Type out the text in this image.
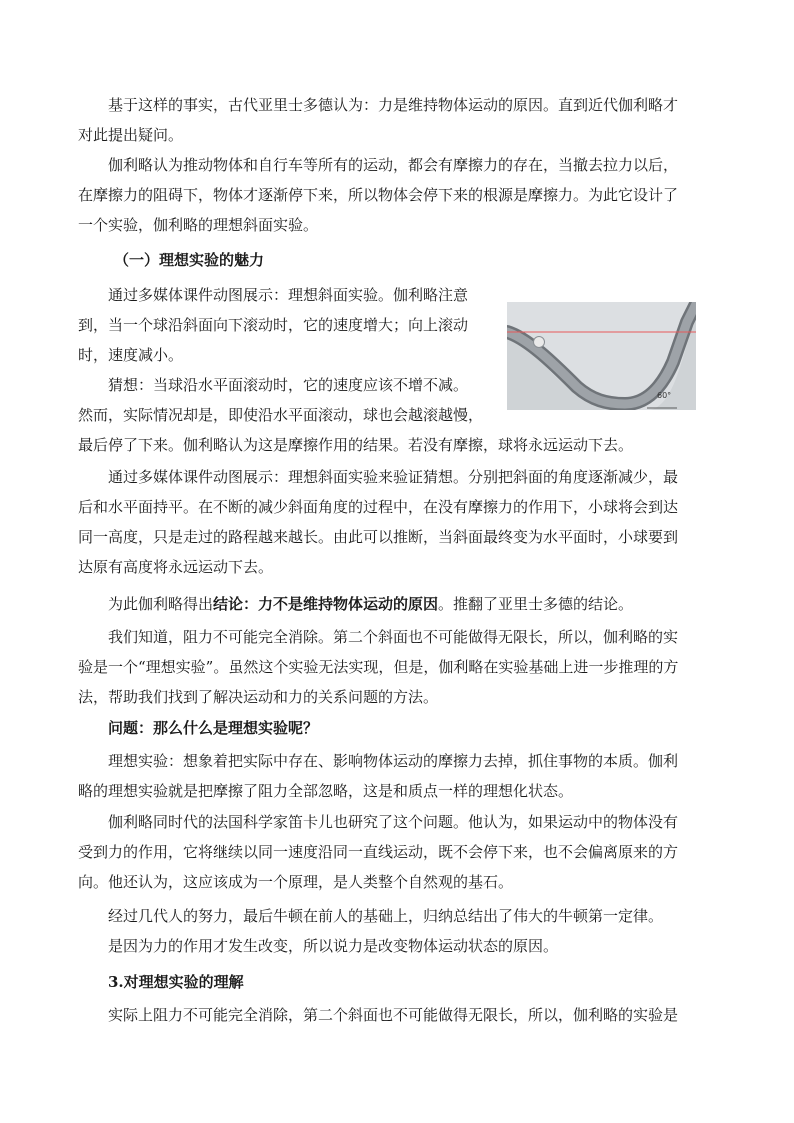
基于这样的事实，古代亚里士多德认为：力是维持物体运动的原因。直到近代伽利略才
对此提出疑问。

伽利略认为推动物体和自行车等所有的运动，都会有摩擦力的存在，当撤去拉力以后，
在摩擦力的阻碍下，物体才逐渐停下来，所以物体会停下来的根源是摩擦力。为此它设计了
一个实验，伽利略的理想斜面实验。

（一）理想实验的魅力

通过多媒体课件动图展示：理想斜面实验。伽利略注意
到，当一个球沿斜面向下滚动时，它的速度增大；向上滚动
时，速度减小。

猜想：当球沿水平面滚动时，它的速度应该不增不减。
然而，实际情况却是，即使沿水平面滚动，球也会越滚越慢，
最后停了下来。伽利略认为这是摩擦作用的结果。若没有摩擦，球将永远运动下去。

60°

通过多媒体课件动图展示：理想斜面实验来验证猜想。分别把斜面的角度逐渐减少，最
后和水平面持平。在不断的减少斜面角度的过程中，在没有摩擦力的作用下，小球将会到达
同一高度，只是走过的路程越来越长。由此可以推断，当斜面最终变为水平面时，小球要到
达原有高度将永远运动下去。

为此伽利略得出结论：力不是维持物体运动的原因。推翻了亚里士多德的结论。

我们知道，阻力不可能完全消除。第二个斜面也不可能做得无限长，所以，伽利略的实
验是一个“理想实验”。虽然这个实验无法实现，但是，伽利略在实验基础上进一步推理的方
法，帮助我们找到了解决运动和力的关系问题的方法。

问题：那么什么是理想实验呢？

理想实验：想象着把实际中存在、影响物体运动的摩擦力去掉，抓住事物的本质。伽利
略的理想实验就是把摩擦了阻力全部忽略，这是和质点一样的理想化状态。

伽利略同时代的法国科学家笛卡儿也研究了这个问题。他认为，如果运动中的物体没有
受到力的作用，它将继续以同一速度沿同一直线运动，既不会停下来，也不会偏离原来的方
向。他还认为，这应该成为一个原理，是人类整个自然观的基石。

经过几代人的努力，最后牛顿在前人的基础上，归纳总结出了伟大的牛顿第一定律。

是因为力的作用才发生改变，所以说力是改变物体运动状态的原因。

3.对理想实验的理解

实际上阻力不可能完全消除，第二个斜面也不可能做得无限长，所以，伽利略的实验是
